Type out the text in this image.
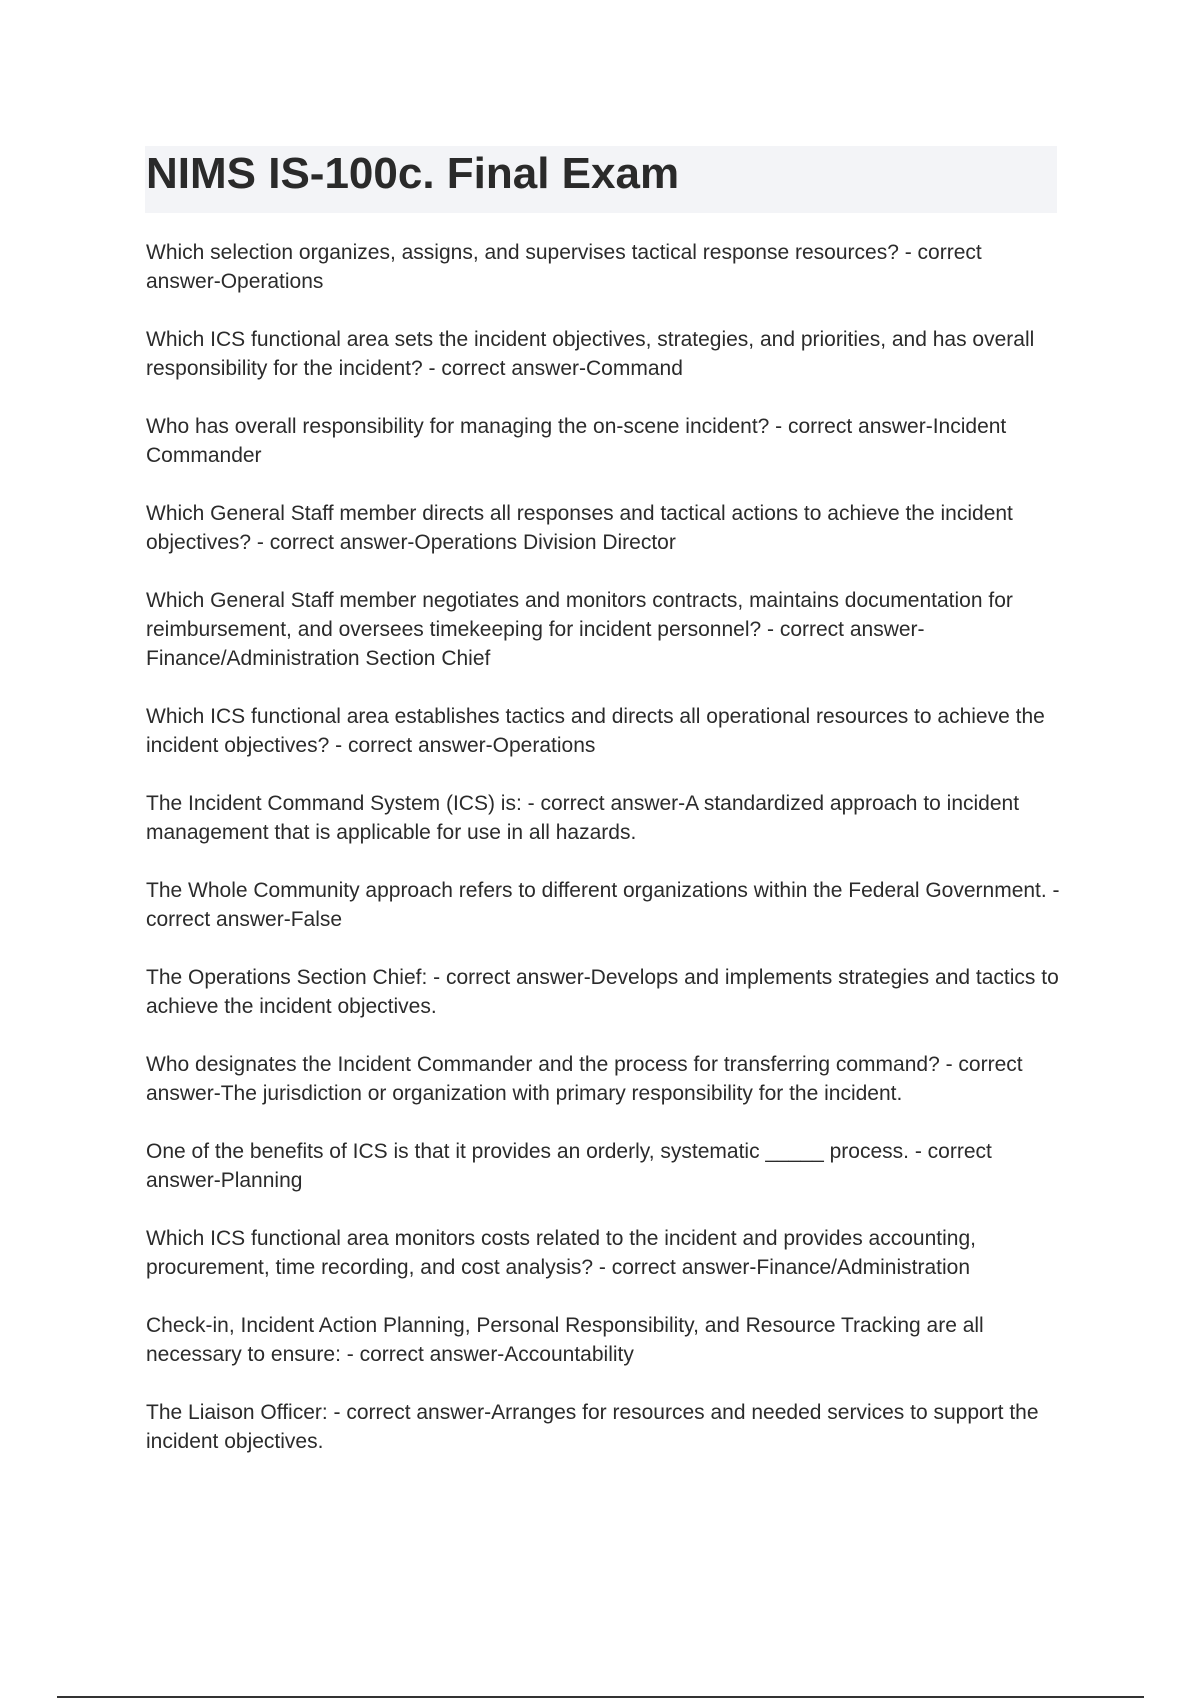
NIMS IS-100c. Final Exam

Which selection organizes, assigns, and supervises tactical response resources? - correct answer-Operations

Which ICS functional area sets the incident objectives, strategies, and priorities, and has overall responsibility for the incident? - correct answer-Command

Who has overall responsibility for managing the on-scene incident? - correct answer-Incident Commander

Which General Staff member directs all responses and tactical actions to achieve the incident objectives? - correct answer-Operations Division Director

Which General Staff member negotiates and monitors contracts, maintains documentation for reimbursement, and oversees timekeeping for incident personnel? - correct answer-Finance/Administration Section Chief

Which ICS functional area establishes tactics and directs all operational resources to achieve the incident objectives? - correct answer-Operations

The Incident Command System (ICS) is: - correct answer-A standardized approach to incident management that is applicable for use in all hazards.

The Whole Community approach refers to different organizations within the Federal Government. - correct answer-False

The Operations Section Chief: - correct answer-Develops and implements strategies and tactics to achieve the incident objectives.

Who designates the Incident Commander and the process for transferring command? - correct answer-The jurisdiction or organization with primary responsibility for the incident.

One of the benefits of ICS is that it provides an orderly, systematic _____ process. - correct answer-Planning

Which ICS functional area monitors costs related to the incident and provides accounting, procurement, time recording, and cost analysis? - correct answer-Finance/Administration

Check-in, Incident Action Planning, Personal Responsibility, and Resource Tracking are all necessary to ensure: - correct answer-Accountability

The Liaison Officer: - correct answer-Arranges for resources and needed services to support the incident objectives.
